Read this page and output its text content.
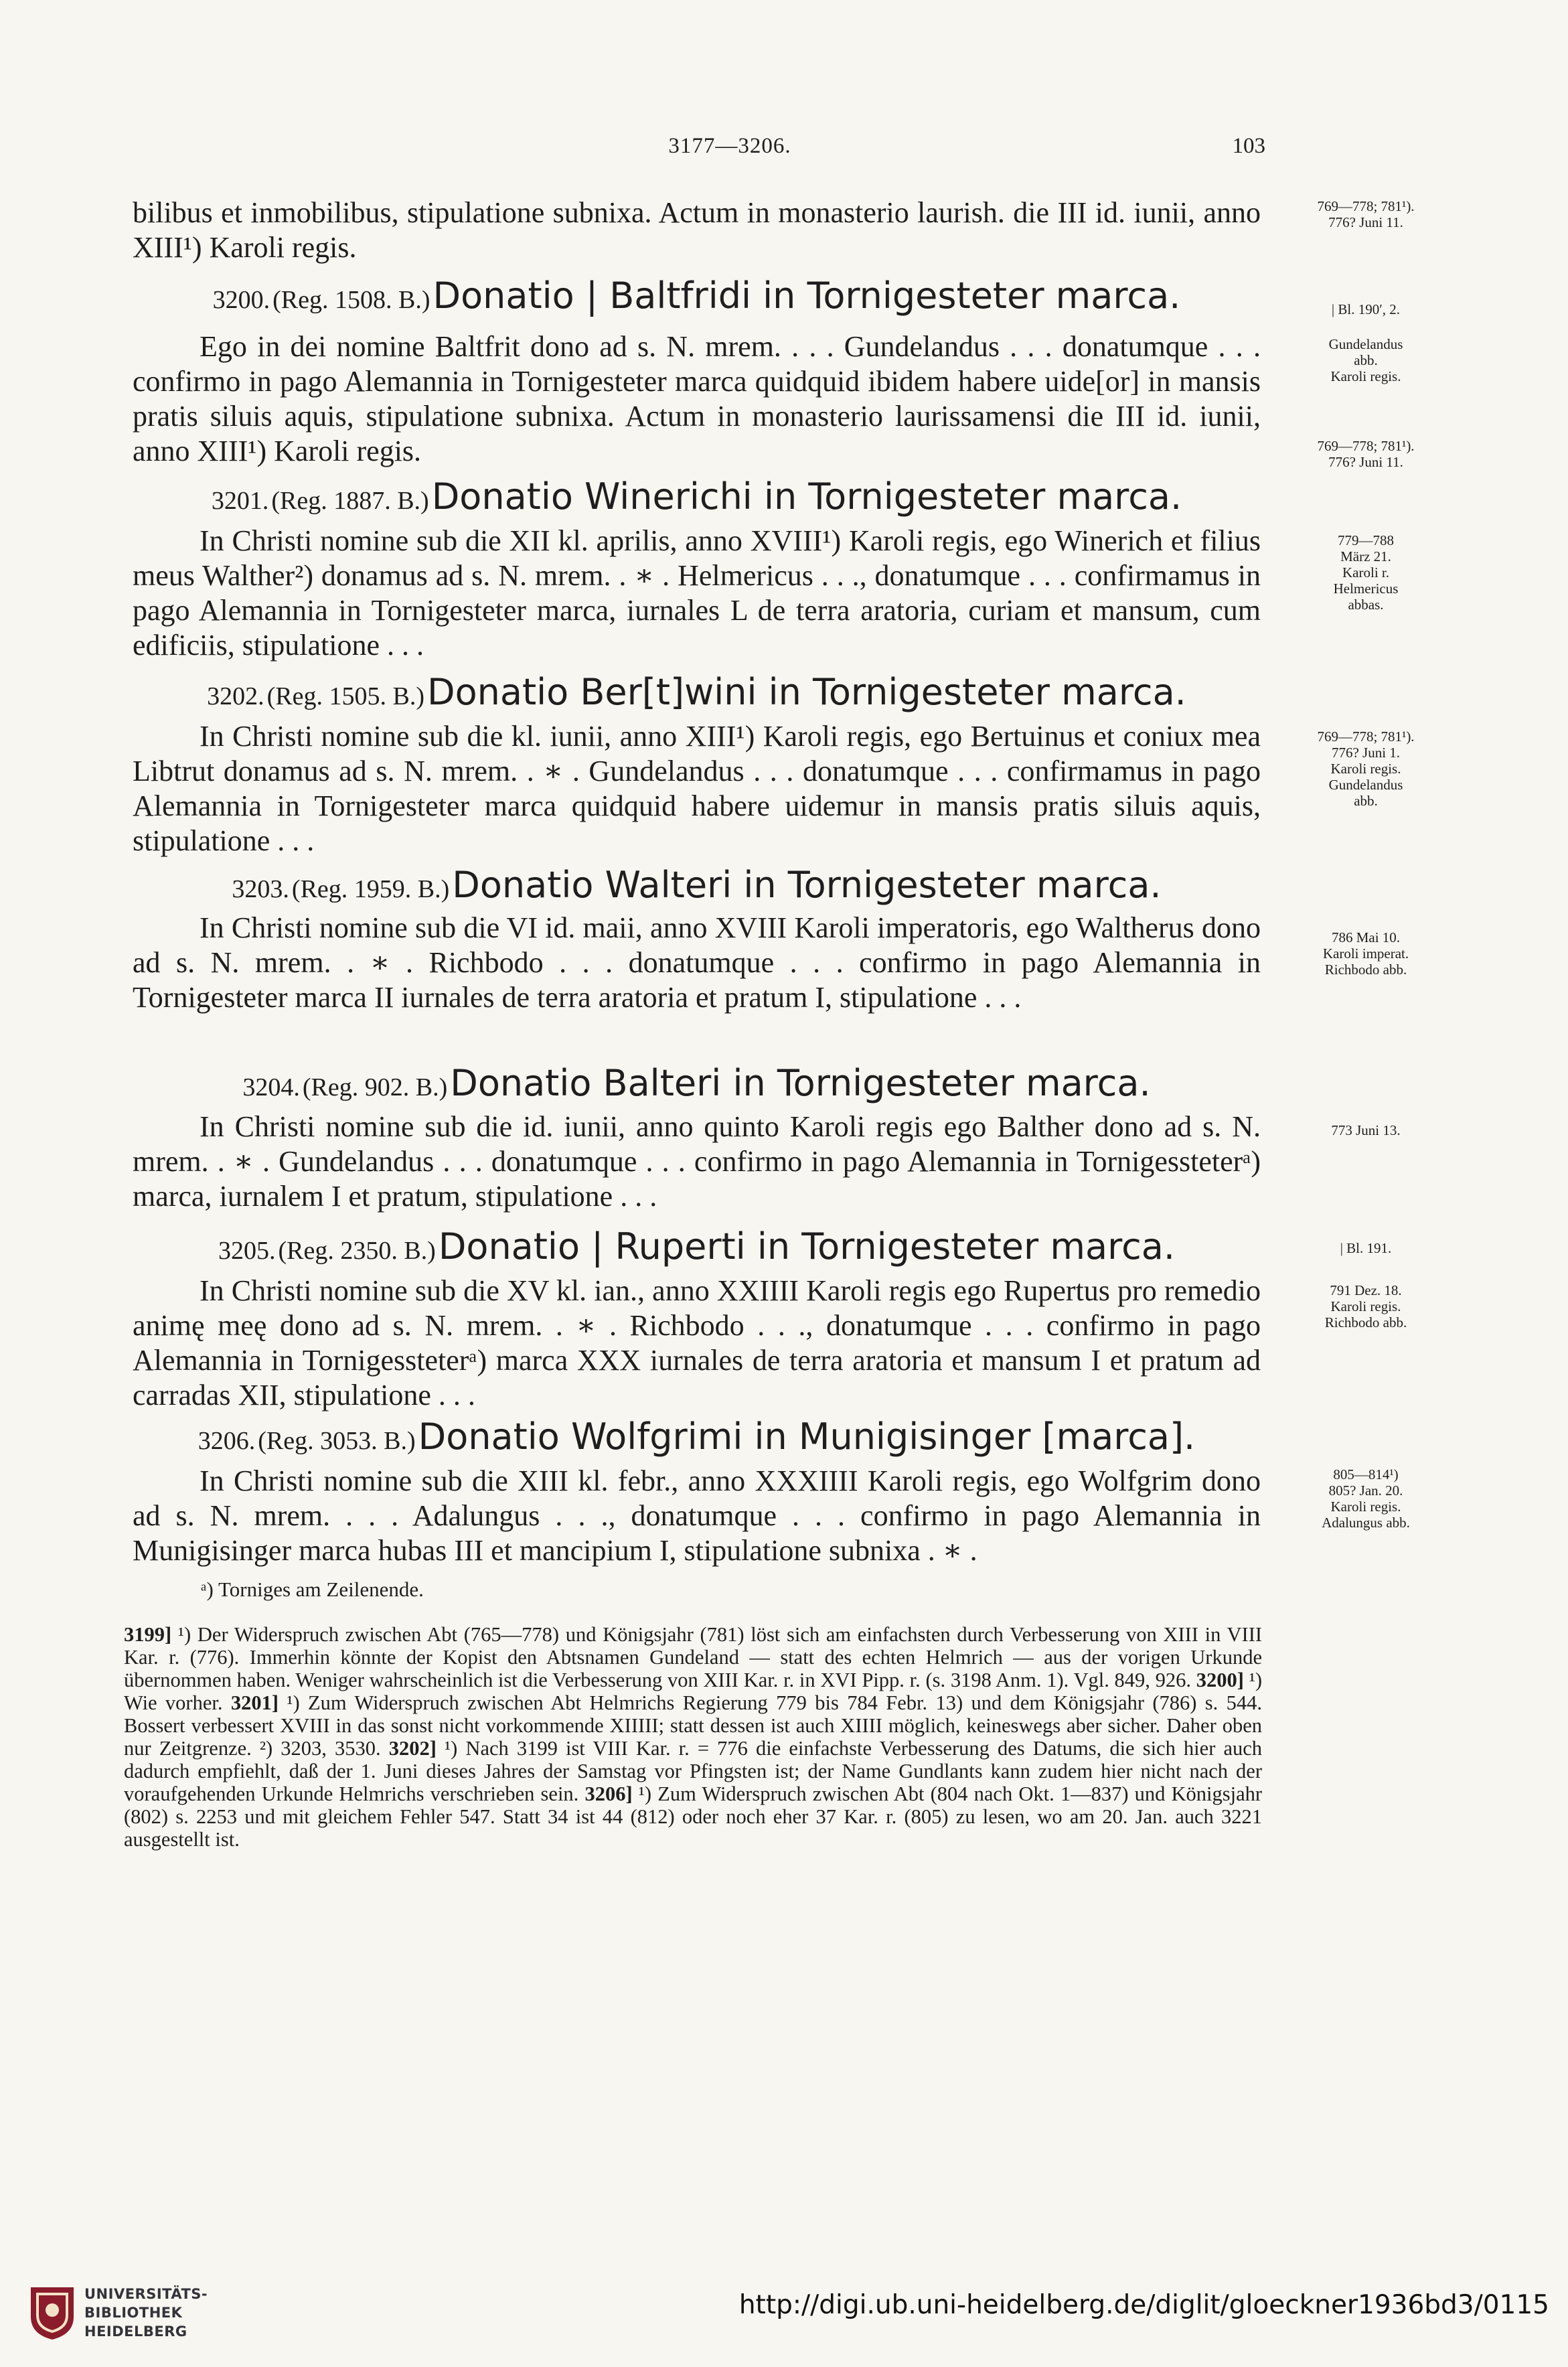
3177—3206.	103

bilibus et inmobilibus, stipulatione subnixa. Actum in monasterio laurish. die III id. iunii, anno XIII¹) Karoli regis.

769—778; 781¹).
776? Juni 11.
3200. (Reg. 1508. B.) Donatio | Baltfridi in Tornigesteter marca.	| Bl. 190′, 2.

Ego in dei nomine Baltfrit dono ad s. N. mrem. . . . Gundelandus . . . donatumque . . . confirmo in pago Alemannia in Tornigesteter marca quidquid ibidem habere uide[or] in mansis pratis siluis aquis, stipulatione subnixa. Actum in monasterio laurissamensi die III id. iunii, anno XIII¹) Karoli regis.

Gundelandus
abb.
Karoli regis.
769—778; 781¹).
776? Juni 11.
3201. (Reg. 1887. B.) Donatio Winerichi in Tornigesteter marca.

In Christi nomine sub die XII kl. aprilis, anno XVIII¹) Karoli regis, ego Winerich et filius meus Walther²) donamus ad s. N. mrem. . ∗ . Helmericus . . ., donatumque . . . confirmamus in pago Alemannia in Tornigesteter marca, iurnales L de terra aratoria, curiam et mansum, cum edificiis, stipulatione . . .

779—788
März 21.
Karoli r.
Helmericus
abbas.
3202. (Reg. 1505. B.) Donatio Ber[t]wini in Tornigesteter marca.

In Christi nomine sub die kl. iunii, anno XIII¹) Karoli regis, ego Bertuinus et coniux mea Libtrut donamus ad s. N. mrem. . ∗ . Gundelandus . . . donatumque . . . confirmamus in pago Alemannia in Tornigesteter marca quidquid habere uidemur in mansis pratis siluis aquis, stipulatione . . .

769—778; 781¹).
776? Juni 1.
Karoli regis.
Gundelandus
abb.
3203. (Reg. 1959. B.) Donatio Walteri in Tornigesteter marca.

In Christi nomine sub die VI id. maii, anno XVIII Karoli imperatoris, ego Waltherus dono ad s. N. mrem. . ∗ . Richbodo . . . donatumque . . . confirmo in pago Alemannia in Tornigesteter marca II iurnales de terra aratoria et pratum I, stipulatione . . .

786 Mai 10.
Karoli imperat.
Richbodo abb.
3204. (Reg. 902. B.) Donatio Balteri in Tornigesteter marca.

In Christi nomine sub die id. iunii, anno quinto Karoli regis ego Balther dono ad s. N. mrem. . ∗ . Gundelandus . . . donatumque . . . confirmo in pago Alemannia in Tornigessteterᵃ) marca, iurnalem I et pratum, stipulatione . . .

773 Juni 13.
3205. (Reg. 2350. B.) Donatio | Ruperti in Tornigesteter marca.	| Bl. 191.

In Christi nomine sub die XV kl. ian., anno XXIIII Karoli regis ego Rupertus pro remedio animę meę dono ad s. N. mrem. . ∗ . Richbodo . . ., donatumque . . . confirmo in pago Alemannia in Tornigessteterᵃ) marca XXX iurnales de terra aratoria et mansum I et pratum ad carradas XII, stipulatione . . .

791 Dez. 18.
Karoli regis.
Richbodo abb.
3206. (Reg. 3053. B.) Donatio Wolfgrimi in Munigisinger [marca].

In Christi nomine sub die XIII kl. febr., anno XXXIIII Karoli regis, ego Wolfgrim dono ad s. N. mrem. . . . Adalungus . . ., donatumque . . . confirmo in pago Alemannia in Munigisinger marca hubas III et mancipium I, stipulatione subnixa . ∗ .

805—814¹)
805? Jan. 20.
Karoli regis.
Adalungus abb.
ᵃ) Torniges am Zeilenende.
3199] ¹) Der Widerspruch zwischen Abt (765—778) und Königsjahr (781) löst sich am einfachsten durch Verbesserung von XIII in VIII Kar. r. (776). Immerhin könnte der Kopist den Abtsnamen Gundeland — statt des echten Helmrich — aus der vorigen Urkunde übernommen haben. Weniger wahrscheinlich ist die Verbesserung von XIII Kar. r. in XVI Pipp. r. (s. 3198 Anm. 1). Vgl. 849, 926. 3200] ¹) Wie vorher. 3201] ¹) Zum Widerspruch zwischen Abt Helmrichs Regierung 779 bis 784 Febr. 13) und dem Königsjahr (786) s. 544. Bossert verbessert XVIII in das sonst nicht vorkommende XIIIII; statt dessen ist auch XIIII möglich, keineswegs aber sicher. Daher oben nur Zeitgrenze. ²) 3203, 3530. 3202] ¹) Nach 3199 ist VIII Kar. r. = 776 die einfachste Verbesserung des Datums, die sich hier auch dadurch empfiehlt, daß der 1. Juni dieses Jahres der Samstag vor Pfingsten ist; der Name Gundlants kann zudem hier nicht nach der voraufgehenden Urkunde Helmrichs verschrieben sein. 3206] ¹) Zum Widerspruch zwischen Abt (804 nach Okt. 1—837) und Königsjahr (802) s. 2253 und mit gleichem Fehler 547. Statt 34 ist 44 (812) oder noch eher 37 Kar. r. (805) zu lesen, wo am 20. Jan. auch 3221 ausgestellt ist.
UNIVERSITÄTS-
BIBLIOTHEK
HEIDELBERG
http://digi.ub.uni-heidelberg.de/diglit/gloeckner1936bd3/0115
